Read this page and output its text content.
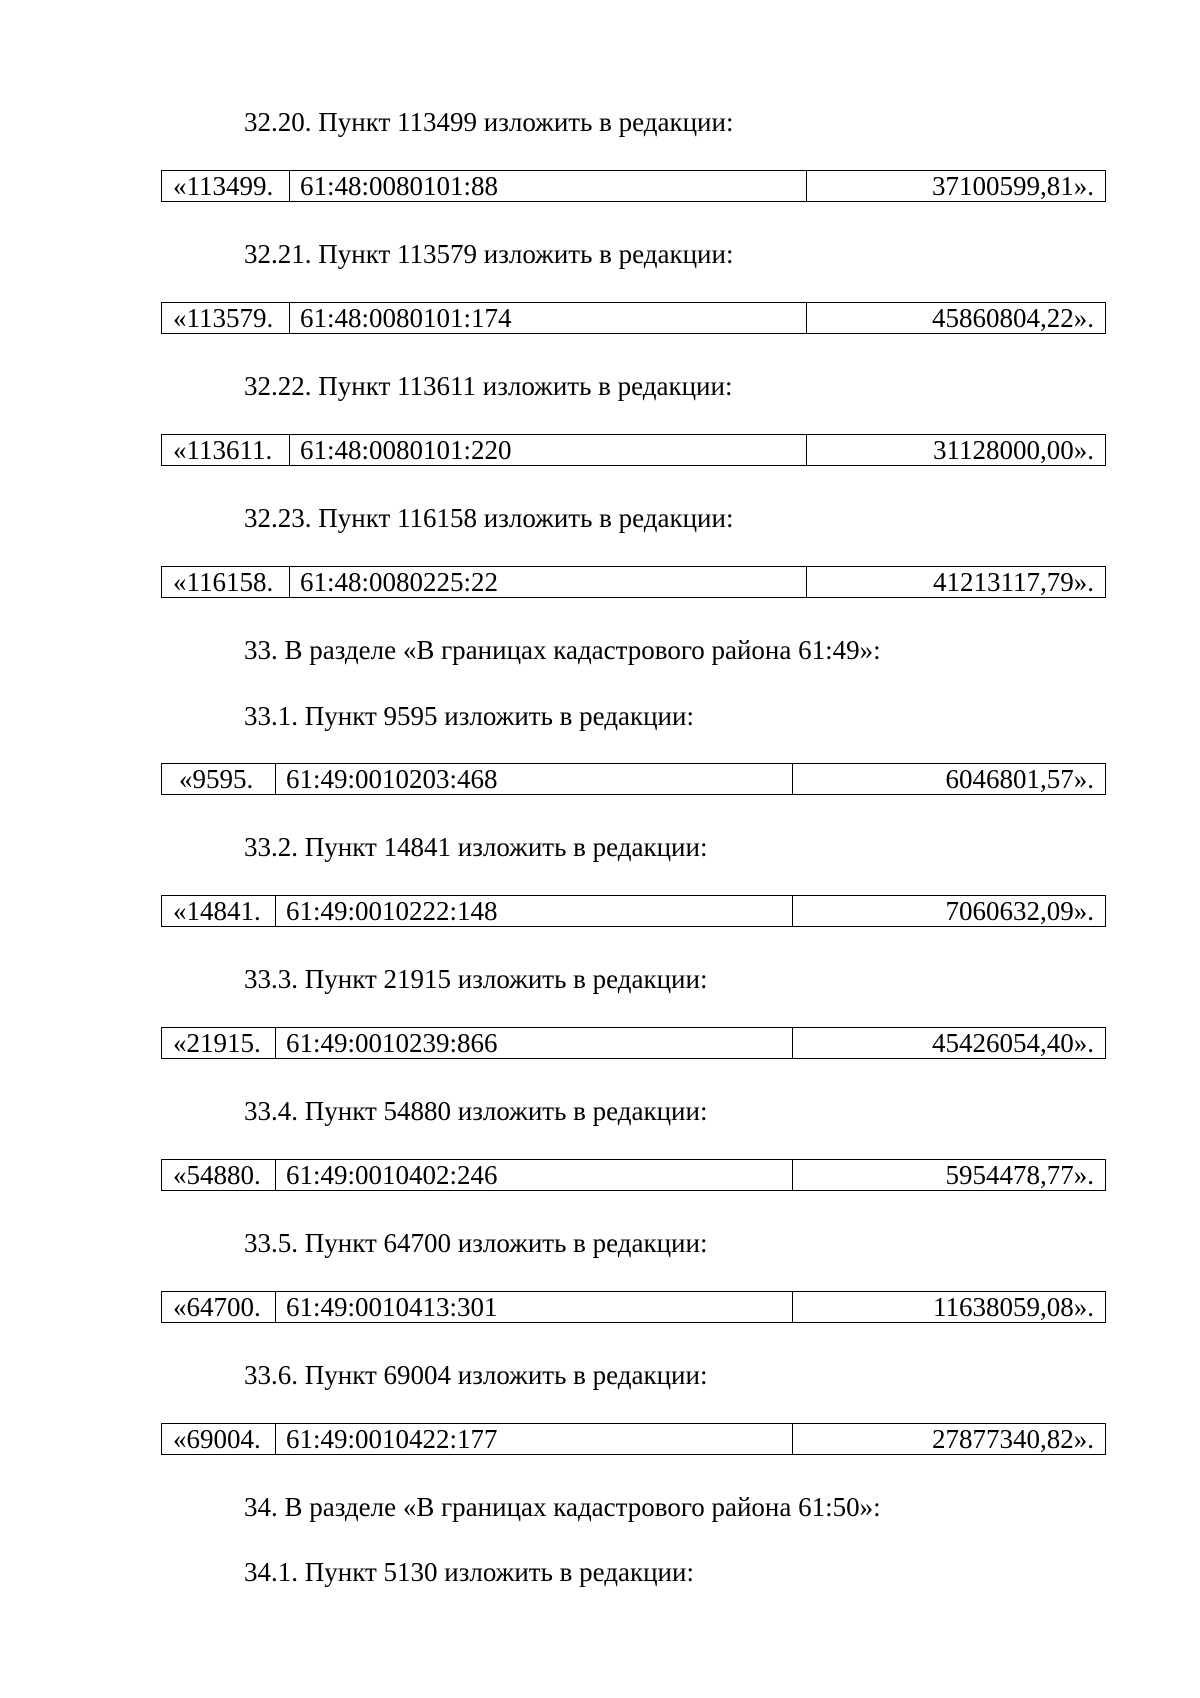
32.20. Пункт 113499 изложить в редакции:
«113499. 61:48:0080101:88	37100599,81».
32.21. Пункт 113579 изложить в редакции:
«113579. 61:48:0080101:174	45860804,22».
32.22. Пункт 113611 изложить в редакции:
«113611.	61:48:0080101:220	31128000,00».
32.23. Пункт 116158 изложить в редакции:
«116158. 61:48:0080225:22	41213117,79».
33. В разделе «В границах кадастрового района 61:49»:
33.1. Пункт 9595 изложить в редакции:
«9595.	61:49:0010203:468	6046801,57».
33.2. Пункт 14841 изложить в редакции:
«14841. 61:49:0010222:148	7060632,09».
33.3. Пункт 21915 изложить в редакции:
«21915. 61:49:0010239:866	45426054,40».
33.4. Пункт 54880 изложить в редакции:
«54880. 61:49:0010402:246	5954478,77».
33.5. Пункт 64700 изложить в редакции:
«64700. 61:49:0010413:301	11638059,08».
33.6. Пункт 69004 изложить в редакции:
«69004. 61:49:0010422:177	27877340,82».
34. В разделе «В границах кадастрового района 61:50»:
34.1. Пункт 5130 изложить в редакции:
